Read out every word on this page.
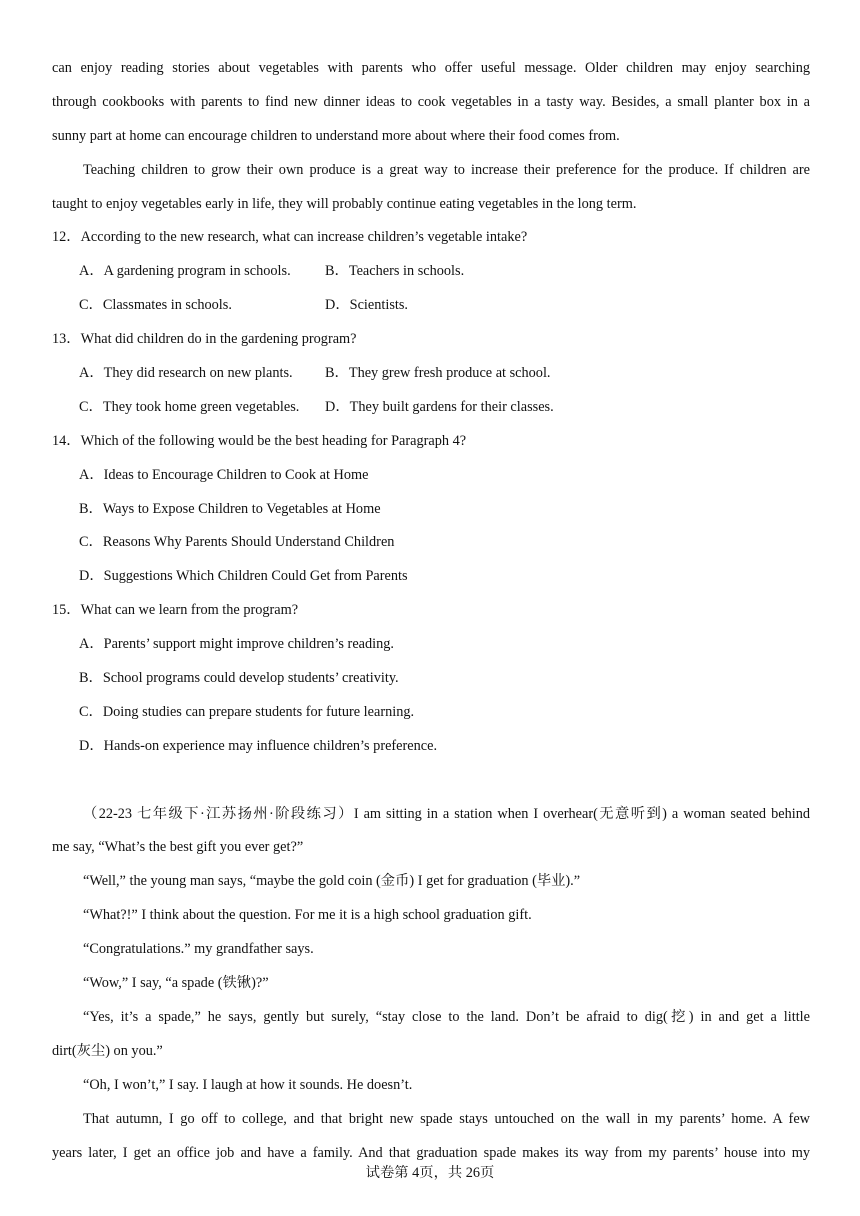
can enjoy reading stories about vegetables with parents who offer useful message. Older children may enjoy searching
through cookbooks with parents to find new dinner ideas to cook vegetables in a tasty way. Besides, a small planter box in a
sunny part at home can encourage children to understand more about where their food comes from.
Teaching children to grow their own produce is a great way to increase their preference for the produce. If children are
taught to enjoy vegetables early in life, they will probably continue eating vegetables in the long term.
12．According to the new research, what can increase children’s vegetable intake?
A．A gardening program in schools.	B．Teachers in schools.
C．Classmates in schools.	D．Scientists.
13．What did children do in the gardening program?
A．They did research on new plants.	B．They grew fresh produce at school.
C．They took home green vegetables.	D．They built gardens for their classes.
14．Which of the following would be the best heading for Paragraph 4?
A．Ideas to Encourage Children to Cook at Home
B．Ways to Expose Children to Vegetables at Home
C．Reasons Why Parents Should Understand Children
D．Suggestions Which Children Could Get from Parents
15．What can we learn from the program?
A．Parents’ support might improve children’s reading.
B．School programs could develop students’ creativity.
C．Doing studies can prepare students for future learning.
D．Hands-on experience may influence children’s preference.
（22-23 七年级下·江苏扬州·阶段练习）I am sitting in a station when I overhear(无意听到) a woman seated behind
me say, “What’s the best gift you ever get?”
“Well,” the young man says, “maybe the gold coin (金币) I get for graduation (毕业).”
“What?!” I think about the question. For me it is a high school graduation gift.
“Congratulations.” my grandfather says.
“Wow,” I say, “a spade (铁锹)?”
“Yes, it’s a spade,” he says, gently but surely, “stay close to the land. Don’t be afraid to dig(挖) in and get a little
dirt(灰尘) on you.”
“Oh, I won’t,” I say. I laugh at how it sounds. He doesn’t.
That autumn, I go off to college, and that bright new spade stays untouched on the wall in my parents’ home. A few
years later, I get an office job and have a family. And that graduation spade makes its way from my parents’ house into my
试卷第 4页，共 26页
